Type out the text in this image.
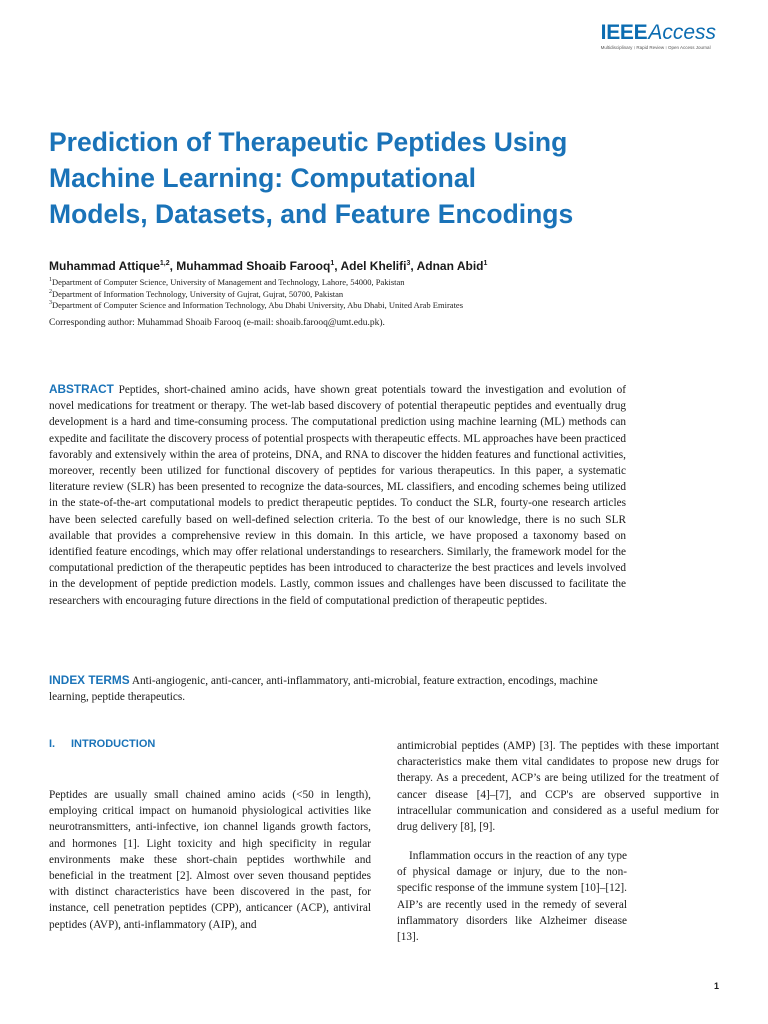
IEEEAccess
Multidisciplinary ⁝ Rapid Review ⁝ Open Access Journal
Prediction of Therapeutic Peptides Using
Machine Learning: Computational
Models, Datasets, and Feature Encodings
Muhammad Attique$^{1,2}$, Muhammad Shoaib Farooq$^1$, Adel Khelifi$^3$, Adnan Abid$^1$
$^1$Department of Computer Science, University of Management and Technology, Lahore, 54000, Pakistan
$^2$Department of Information Technology, University of Gujrat, Gujrat, 50700, Pakistan
$^3$Department of Computer Science and Information Technology, Abu Dhabi University, Abu Dhabi, United Arab Emirates
Corresponding author: Muhammad Shoaib Farooq (e-mail: shoaib.farooq@umt.edu.pk).
ABSTRACT Peptides, short-chained amino acids, have shown great potentials toward the investigation and evolution of novel medications for treatment or therapy. The wet-lab based discovery of potential therapeutic peptides and eventually drug development is a hard and time-consuming process. The computational prediction using machine learning (ML) methods can expedite and facilitate the discovery process of potential prospects with therapeutic effects. ML approaches have been practiced favorably and extensively within the area of proteins, DNA, and RNA to discover the hidden features and functional activities, moreover, recently been utilized for functional discovery of peptides for various therapeutics. In this paper, a systematic literature review (SLR) has been presented to recognize the data-sources, ML classifiers, and encoding schemes being utilized in the state-of-the-art computational models to predict therapeutic peptides. To conduct the SLR, fourty-one research articles have been selected carefully based on well-defined selection criteria. To the best of our knowledge, there is no such SLR available that provides a comprehensive review in this domain. In this article, we have proposed a taxonomy based on identified feature encodings, which may offer relational understandings to researchers. Similarly, the framework model for the computational prediction of the therapeutic peptides has been introduced to characterize the best practices and levels involved in the development of peptide prediction models. Lastly, common issues and challenges have been discussed to facilitate the researchers with encouraging future directions in the field of computational prediction of therapeutic peptides.
INDEX TERMS Anti-angiogenic, anti-cancer, anti-inflammatory, anti-microbial, feature extraction, encodings, machine learning, peptide therapeutics.
I. INTRODUCTION
Peptides are usually small chained amino acids (<50 in length), employing critical impact on humanoid physiological activities like neurotransmitters, anti-infective, ion channel ligands growth factors, and hormones [1]. Light toxicity and high specificity in regular environments make these short-chain peptides worthwhile and beneficial in the treatment [2]. Almost over seven thousand peptides with distinct characteristics have been discovered in the past, for instance, cell penetration peptides (CPP), anticancer (ACP), antiviral peptides (AVP), anti-inflammatory (AIP), and
antimicrobial peptides (AMP) [3]. The peptides with these important characteristics make them vital candidates to propose new drugs for therapy. As a precedent, ACP’s are being utilized for the treatment of cancer disease [4]–[7], and CCP's are observed supportive in intracellular communication and considered as a useful medium for drug delivery [8], [9].
Inflammation occurs in the reaction of any type of physical damage or injury, due to the non-specific response of the immune system [10]–[12]. AIP’s are recently used in the remedy of several inflammatory disorders like Alzheimer disease [13].
1
